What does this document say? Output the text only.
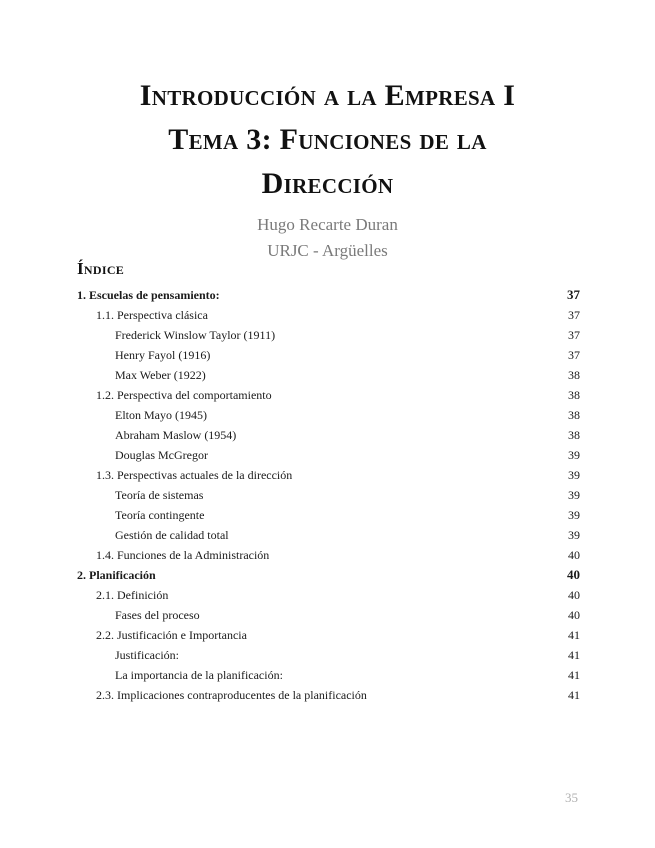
Introducción a la Empresa I
Tema 3: Funciones de la
Dirección
Hugo Recarte Duran
URJC - Argüelles
Índice
1. Escuelas de pensamiento:	37
1.1. Perspectiva clásica	37
Frederick Winslow Taylor (1911)	37
Henry Fayol (1916)	37
Max Weber (1922)	38
1.2. Perspectiva del comportamiento	38
Elton Mayo (1945)	38
Abraham Maslow (1954)	38
Douglas McGregor	39
1.3. Perspectivas actuales de la dirección	39
Teoría de sistemas	39
Teoría contingente	39
Gestión de calidad total	39
1.4. Funciones de la Administración	40
2. Planificación	40
2.1. Definición	40
Fases del proceso	40
2.2. Justificación e Importancia	41
Justificación:	41
La importancia de la planificación:	41
2.3. Implicaciones contraproducentes de la planificación	41
35
